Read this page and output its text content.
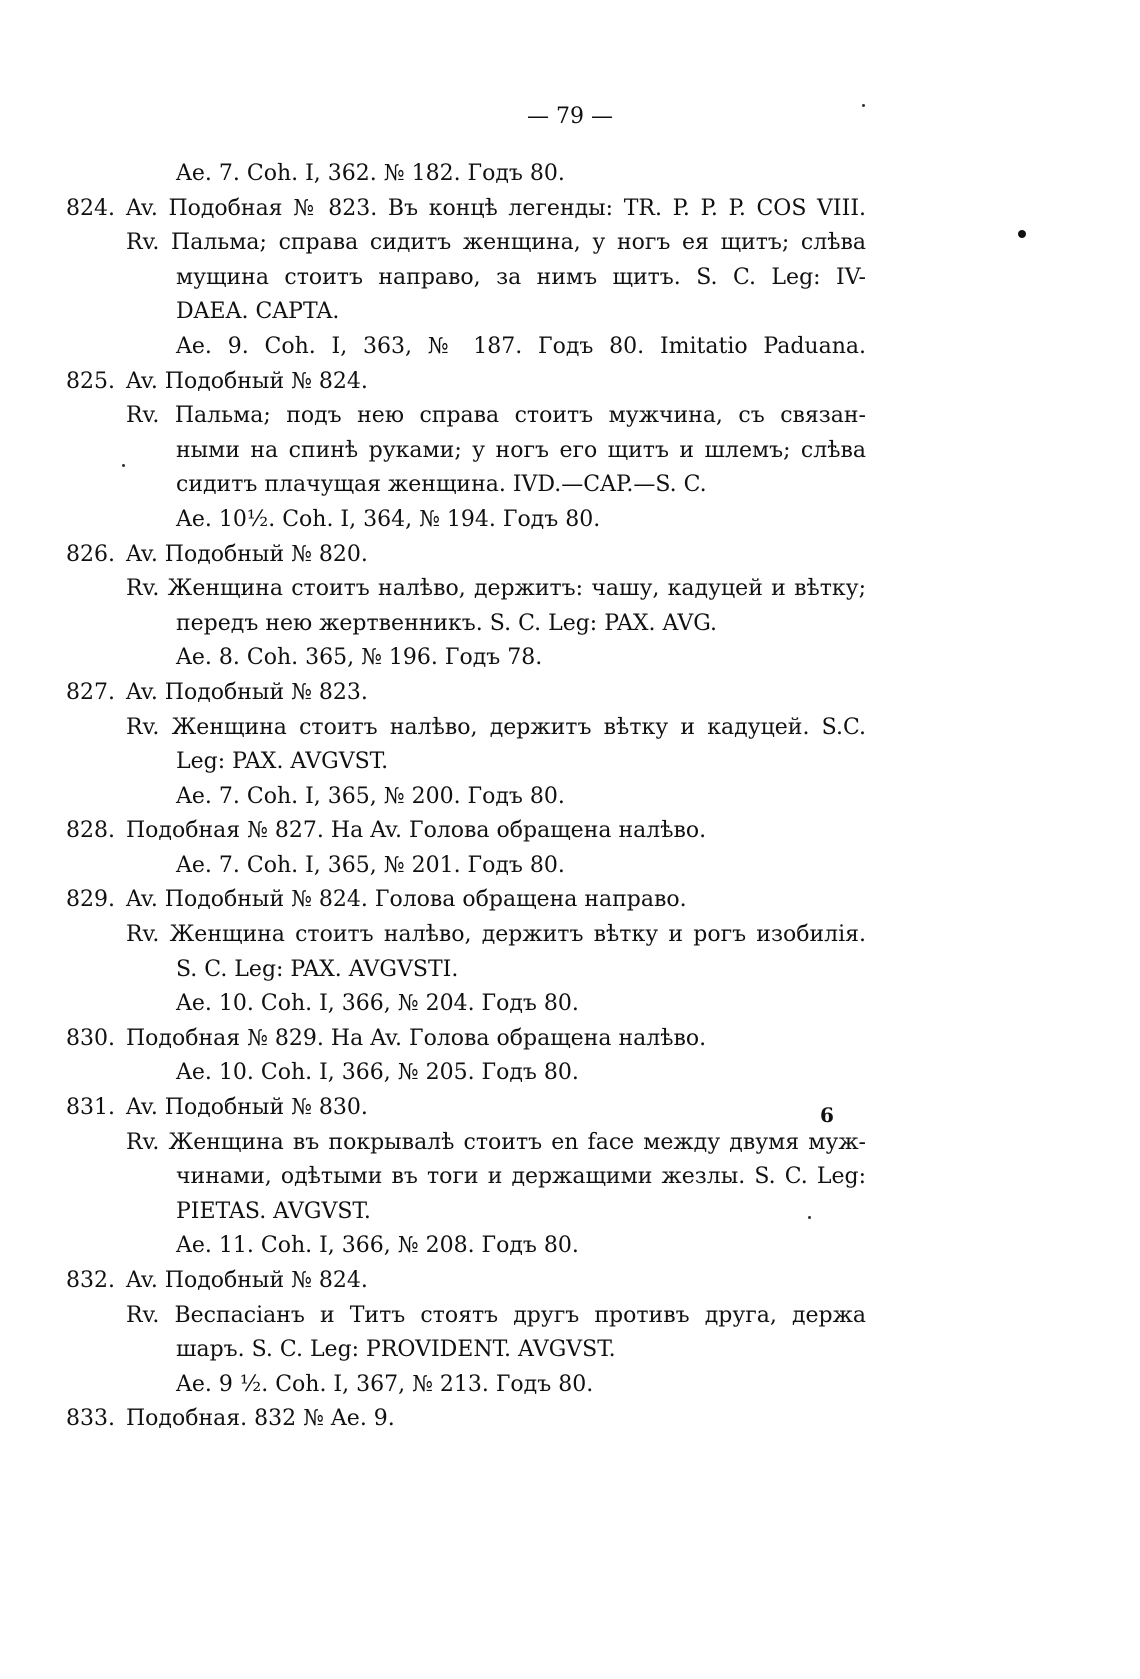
— 79 —
Ae. 7. Coh. I, 362. № 182. Годъ 80.
824. Av. Подобная № 823. Въ концѣ легенды: TR. P. P. P. COS VIII.
Rv. Пальма; справа сидитъ женщина, у ногъ ея щитъ; слѣва
мущина стоитъ направо, за нимъ щитъ. S. C. Leg: IV-
DAEA. CAPTA.
Ae. 9. Coh. I, 363, № 187. Годъ 80. Imitatio Paduana.
825. Av. Подобный № 824.
Rv. Пальма; подъ нею справа стоитъ мужчина, съ связан-
ными на спинѣ руками; у ногъ его щитъ и шлемъ; слѣва
сидитъ плачущая женщина. IVD.—CAP.—S. C.
Ae. 10½. Coh. I, 364, № 194. Годъ 80.
826. Av. Подобный № 820.
Rv. Женщина стоитъ налѣво, держитъ: чашу, кадуцей и вѣтку;
передъ нею жертвенникъ. S. C. Leg: PAX. AVG.
Ae. 8. Coh. 365, № 196. Годъ 78.
827. Av. Подобный № 823.
Rv. Женщина стоитъ налѣво, держитъ вѣтку и кадуцей. S.C.
Leg: PAX. AVGVST.
Ae. 7. Coh. I, 365, № 200. Годъ 80.
828. Подобная № 827. На Av. Голова обращена налѣво.
Ae. 7. Coh. I, 365, № 201. Годъ 80.
829. Av. Подобный № 824. Голова обращена направо.
Rv. Женщина стоитъ налѣво, держитъ вѣтку и рогъ изобилія.
S. C. Leg: PAX. AVGVSTI.
Ae. 10. Coh. I, 366, № 204. Годъ 80.
830. Подобная № 829. На Av. Голова обращена налѣво.
Ae. 10. Coh. I, 366, № 205. Годъ 80.
831. Av. Подобный № 830.
Rv. Женщина въ покрывалѣ стоитъ en face между двумя муж-
чинами, одѣтыми въ тоги и держащими жезлы. S. C. Leg:
PIETAS. AVGVST.
Ae. 11. Coh. I, 366, № 208. Годъ 80.
832. Av. Подобный № 824.
Rv. Веспасіанъ и Титъ стоятъ другъ противъ друга, держа
шаръ. S. C. Leg: PROVIDENT. AVGVST.
Ae. 9 ½. Coh. I, 367, № 213. Годъ 80.
833. Подобная. 832 № Ae. 9.
6
